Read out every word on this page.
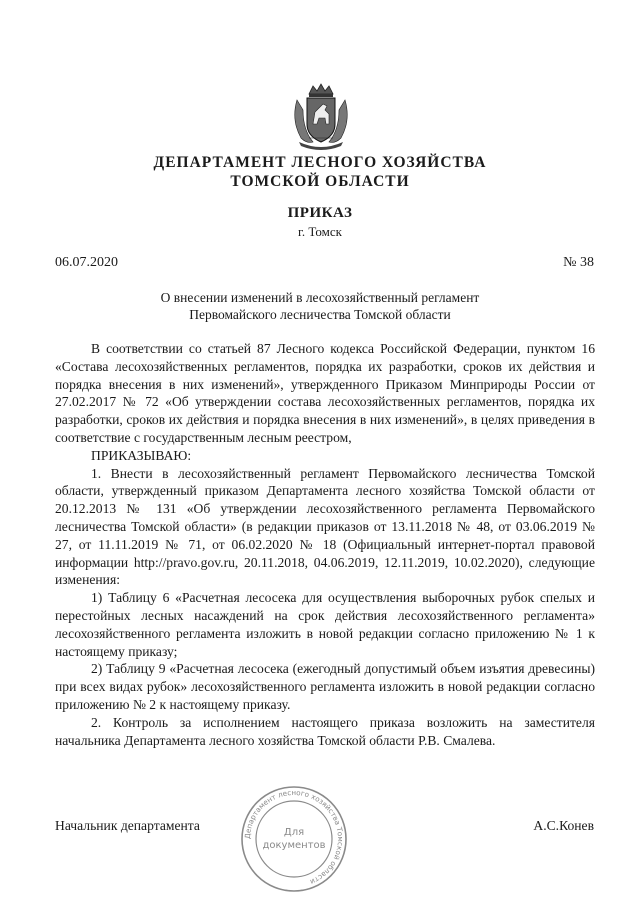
ДЕПАРТАМЕНТ ЛЕСНОГО ХОЗЯЙСТВА
ТОМСКОЙ ОБЛАСТИ
ПРИКАЗ
г. Томск
06.07.2020	№ 38
О внесении изменений в лесохозяйственный регламент
Первомайского лесничества Томской области

В соответствии со статьей 87 Лесного кодекса Российской Федерации, пунктом 16 «Состава лесохозяйственных регламентов, порядка их разработки, сроков их действия и порядка внесения в них изменений», утвержденного Приказом Минприроды России от 27.02.2017 № 72 «Об утверждении состава лесохозяйственных регламентов, порядка их разработки, сроков их действия и порядка внесения в них изменений», в целях приведения в соответствие с государственным лесным реестром,

ПРИКАЗЫВАЮ:

1. Внести в лесохозяйственный регламент Первомайского лесничества Томской области, утвержденный приказом Департамента лесного хозяйства Томской области от 20.12.2013 № 131 «Об утверждении лесохозяйственного регламента Первомайского лесничества Томской области» (в редакции приказов от 13.11.2018 № 48, от 03.06.2019 № 27, от 11.11.2019 № 71, от 06.02.2020 № 18 (Официальный интернет-портал правовой информации http://pravo.gov.ru, 20.11.2018, 04.06.2019, 12.11.2019, 10.02.2020), следующие изменения:

1) Таблицу 6 «Расчетная лесосека для осуществления выборочных рубок спелых и перестойных лесных насаждений на срок действия лесохозяйственного регламента» лесохозяйственного регламента изложить в новой редакции согласно приложению № 1 к настоящему приказу;

2) Таблицу 9 «Расчетная лесосека (ежегодный допустимый объем изъятия древесины) при всех видах рубок» лесохозяйственного регламента изложить в новой редакции согласно приложению № 2 к настоящему приказу.

2. Контроль за исполнением настоящего приказа возложить на заместителя начальника Департамента лесного хозяйства Томской области Р.В. Смалева.

Начальник департамента	А.С.Конев
Департамент лесного хозяйства Томской области
Для
документов
